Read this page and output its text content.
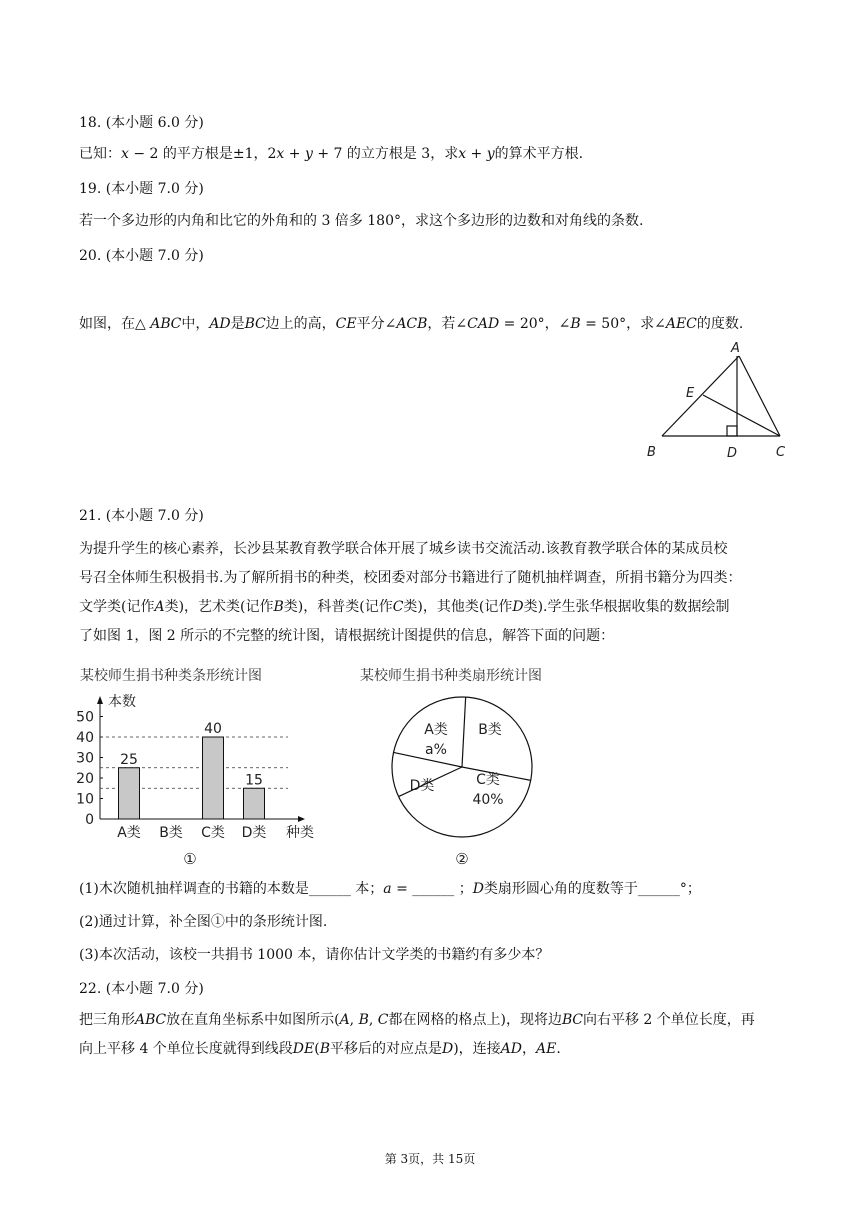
18. (本小题 6.0 分)
已知：𝑥 − 2 的平方根是±1，2𝑥 + 𝑦 + 7 的立方根是 3，求𝑥 + 𝑦的算术平方根.
19. (本小题 7.0 分)
若一个多边形的内角和比它的外角和的 3 倍多 180°，求这个多边形的边数和对角线的条数.
20. (本小题 7.0 分)
如图，在△ 𝐴𝐵𝐶中，𝐴𝐷是𝐵𝐶边上的高，𝐶𝐸平分∠𝐴𝐶𝐵，若∠𝐶𝐴𝐷 = 20°，∠𝐵 = 50°，求∠𝐴𝐸𝐶的度数.
A
E
B	D	C
21. (本小题 7.0 分)
为提升学生的核心素养，长沙县某教育教学联合体开展了城乡读书交流活动.该教育教学联合体的某成员校
号召全体师生积极捐书.为了解所捐书的种类，校团委对部分书籍进行了随机抽样调查，所捐书籍分为四类：
文学类(记作𝐴类)，艺术类(记作𝐵类)，科普类(记作𝐶类)，其他类(记作𝐷类).学生张华根据收集的数据绘制
了如图 1，图 2 所示的不完整的统计图，请根据统计图提供的信息，解答下面的问题：
某校师生捐书种类条形统计图	某校师生捐书种类扇形统计图
本数
种类
0
10
20
30
40
50
A类
25
B类 C类
40
D类
15
①
A类
a%
B类
C类
40%
D类
②
(1)木次随机抽样调查的书籍的本数是______ 本；𝑎 = ______ ；𝐷类扇形圆心角的度数等于______°；
(2)通过计算，补全图①中的条形统计图.
(3)本次活动，该校一共捐书 1000 本，请你估计文学类的书籍约有多少本？
22. (本小题 7.0 分)
把三角形𝐴𝐵𝐶放在直角坐标系中如图所示(𝐴, 𝐵, 𝐶都在网格的格点上)，现将边𝐵𝐶向右平移 2 个单位长度，再
向上平移 4 个单位长度就得到线段𝐷𝐸(𝐵平移后的对应点是𝐷)，连接𝐴𝐷，𝐴𝐸.
第 3页，共 15页
